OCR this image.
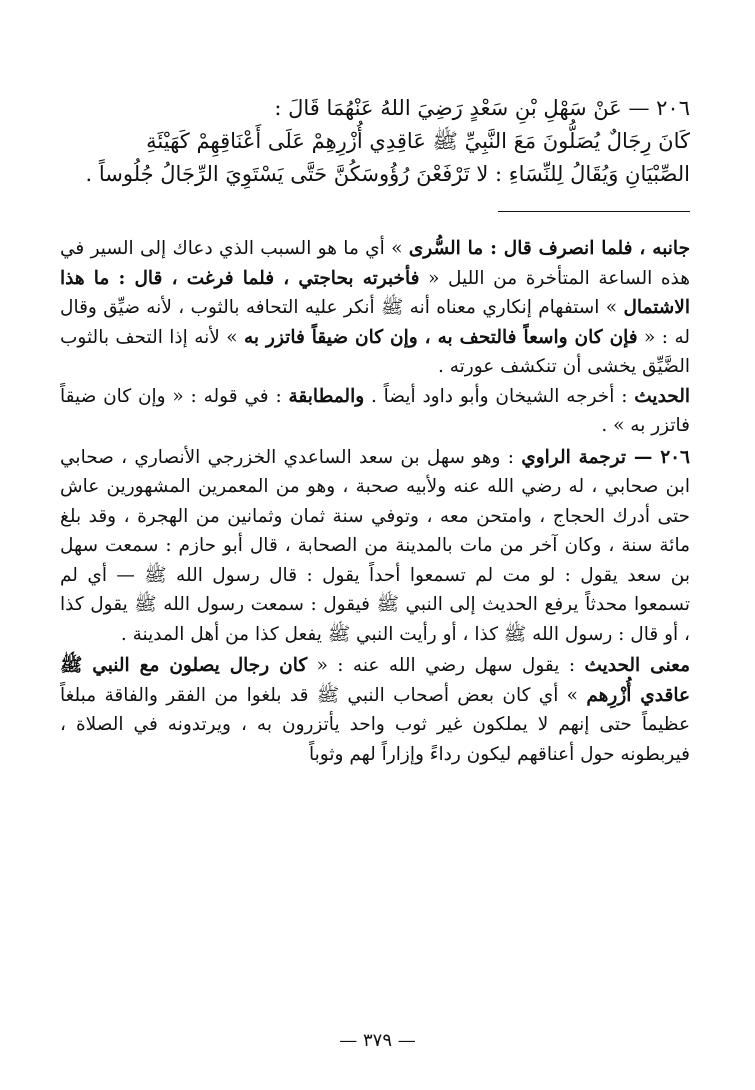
٢٠٦ — عَنْ سَهْلِ بْنِ سَعْدٍ رَضِيَ اللهُ عَنْهُمَا قَالَ :

كَانَ رِجَالٌ يُصَلُّونَ مَعَ النَّبِيِّ ﷺ عَاقِدِي أُزْرِهِمْ عَلَى أَعْنَاقِهِمْ كَهَيْئَةِ

الصِّبْيَانِ وَيُقَالُ لِلنِّسَاءِ : لا تَرْفَعْنَ رُؤُوسَكُنَّ حَتَّى يَسْتَوِيَ الرِّجَالُ جُلُوساً .

جانبه ، فلما انصرف قال : ما السُّرى » أي ما هو السبب الذي دعاك إلى السير في هذه الساعة المتأخرة من الليل « فأخبرته بحاجتي ، فلما فرغت ، قال : ما هذا الاشتمال » استفهام إنكاري معناه أنه ﷺ أنكر عليه التحافه بالثوب ، لأنه ضيِّق وقال له : « فإن كان واسعاً فالتحف به ، وإن كان ضيقاً فاتزر به » لأنه إذا التحف بالثوب الضَّيِّق يخشى أن تنكشف عورته .

الحديث : أخرجه الشيخان وأبو داود أيضاً . والمطابقة : في قوله : « وإن كان ضيقاً فاتزر به » .

٢٠٦ — ترجمة الراوي : وهو سهل بن سعد الساعدي الخزرجي الأنصاري ، صحابي ابن صحابي ، له رضي الله عنه ولأبيه صحبة ، وهو من المعمرين المشهورين عاش حتى أدرك الحجاج ، وامتحن معه ، وتوفي سنة ثمان وثمانين من الهجرة ، وقد بلغ مائة سنة ، وكان آخر من مات بالمدينة من الصحابة ، قال أبو حازم : سمعت سهل بن سعد يقول : لو مت لم تسمعوا أحداً يقول : قال رسول الله ﷺ — أي لم تسمعوا محدثاً يرفع الحديث إلى النبي ﷺ فيقول : سمعت رسول الله ﷺ يقول كذا ، أو قال : رسول الله ﷺ كذا ، أو رأيت النبي ﷺ يفعل كذا من أهل المدينة .

معنى الحديث : يقول سهل رضي الله عنه : « كان رجال يصلون مع النبي ﷺ عاقدي أُزْرِهم » أي كان بعض أصحاب النبي ﷺ قد بلغوا من الفقر والفاقة مبلغاً عظيماً حتى إنهم لا يملكون غير ثوب واحد يأتزرون به ، ويرتدونه في الصلاة ، فيربطونه حول أعناقهم ليكون رداءً وإزاراً لهم وثوباً

— ٣٧٩ —
